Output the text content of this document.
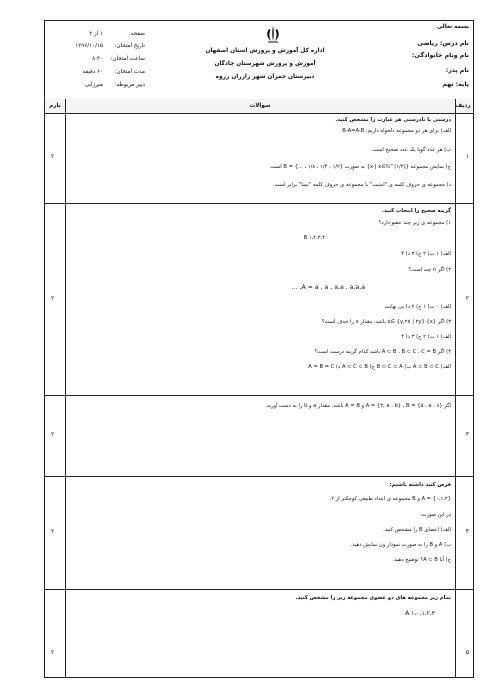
بسمه تعالی
نام درس: ریاضی
نام ونام خانوادگی:
نام پدر:
پایه: نهم
اداره کل آموزش و پرورش استان اصفهان
آموزش و پرورش شهرستان چادگان
دبیرستان جمران شهر زازران زروه
صفحه:
۱ از ۲
تاریخ امتحان:
۱۳۹۷/۱۰/۱۵
ساعت امتحان:
۸:۳۰
مدت امتحان:
۶۰ دقیقه
دبیر مربوطه:
میرزایی
ردیف
سوالات
بارم
۱
۲
درستی یا نادرستی هر عبارت را مشخص کنید.
الف) برای هر دو مجموعه دلخواه داریم: B-A=A-B
ب) هر عدد گویا یک عدد صحیح است.
ج) نمایش مجموعه {(۱/۲)^x | x∈ℕ} به صورت {۱/۲ ، ۱/۴ ، ۱/۸ ، ...} = B است.
د) مجموعه ی حروف کلمه ی "امنیت" با مجموعه ی حروف کلمه "نیما" برابر است.
۲
۲
گزینه صحیح را انتخاب کنید.
۱) مجموعه ی زیر چند عضو دارد؟
B ۱،۲،۳،۴
الف) ۱ ب) ۲ ج) ۳ د) ۴
۲) اگر n چند است؟
A = a , a , a,a , a,a,a, ...
الف) ۰ ب) ۱ ج) ۲ د) بی نهایت
۳) اگر {x} x∈ {y,۲x | ۲y} باشد، مقدار x را حذف است؟
الف) ۱ ب) ۲ ج) ۳ د) ۴
۴) اگر A ⊂ B ، B ⊂ C ، C = B باشد کدام گزینه درست است؟
الف) A ⊂ B ⊂ C ب) B ⊂ C ⊂ A ج) A ⊂ C ⊂ B د) A = B = C
۳
۲
اگر A = {۳، a ، b} ، B = {۵ ، a ، ۸} و A = B باشد، مقدار a و b را به دست آورید.
۴
۲
فرض کنید داشته باشیم:
A = {۰،۱،۲} و B مجموعه ی اعداد طبیعی کوچکتر از ۲.
در این صورت:
الف) اعضای B را مشخص کنید.
ب) A و B را به صورت نمودار ون نمایش دهید.
ج) آیا A ⊂ B؟ توضیح دهید.
۵
۲
تمام زیر مجموعه های دو عضوی مجموعه زیر را مشخص کنید.
A ۱،۰،۱،۲،۳
